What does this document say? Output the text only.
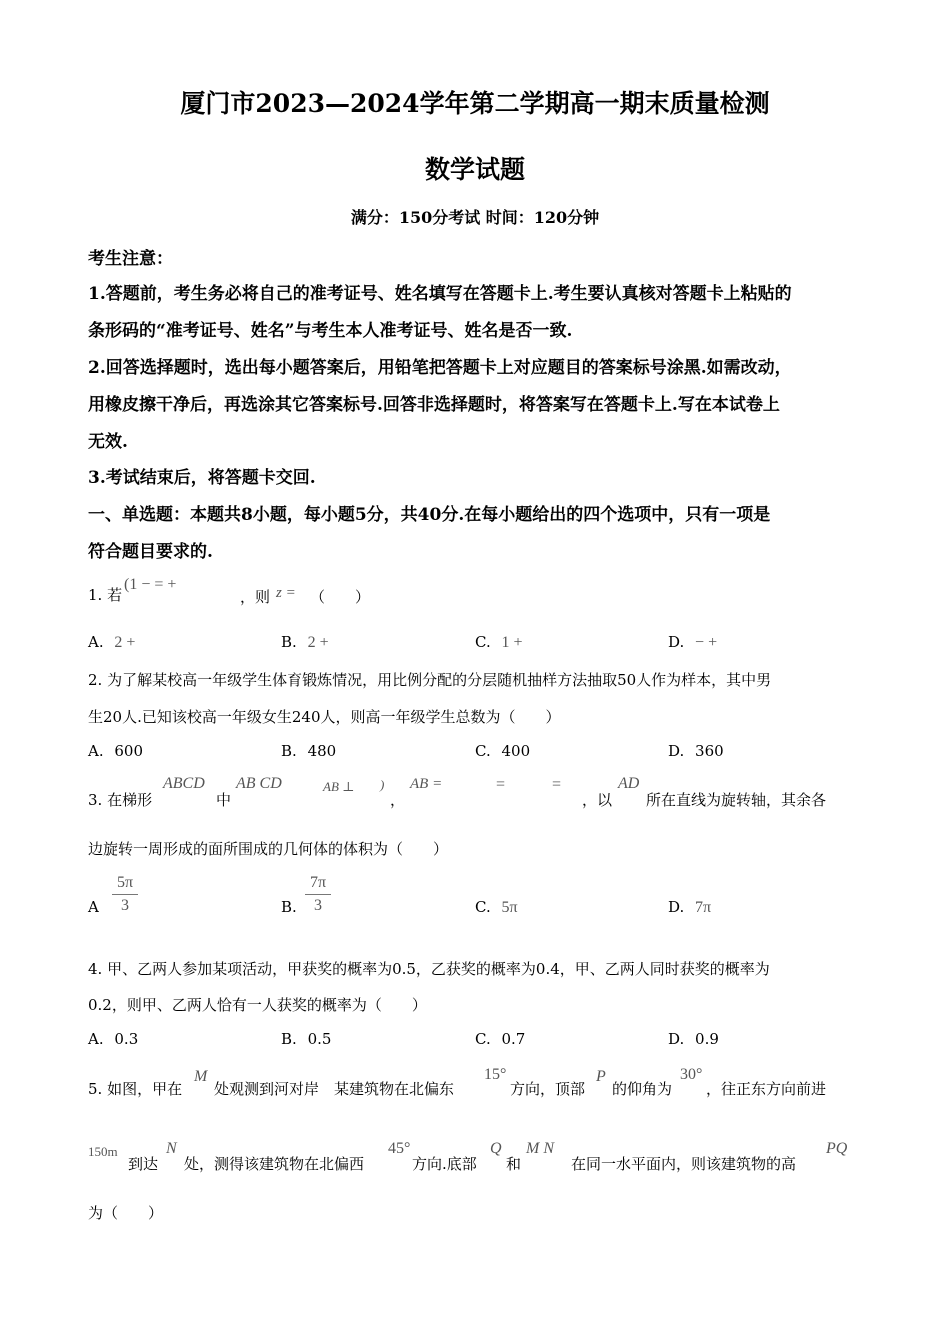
厦门市2023—2024学年第二学期高一期末质量检测
数学试题
满分：150分考试 时间：120分钟
考生注意：
1.答题前，考生务必将自己的准考证号、姓名填写在答题卡上.考生要认真核对答题卡上粘贴的
条形码的“准考证号、姓名”与考生本人准考证号、姓名是否一致.
2.回答选择题时，选出每小题答案后，用铅笔把答题卡上对应题目的答案标号涂黑.如需改动，
用橡皮擦干净后，再选涂其它答案标号.回答非选择题时，将答案写在答题卡上.写在本试卷上
无效.
3.考试结束后，将答题卡交回.
一、单选题：本题共8小题，每小题5分，共40分.在每小题给出的四个选项中，只有一项是
符合题目要求的.
1. 若
(1 − = +
，则 z = （　　）
A. 2 +	B. 2 +	C. 1 +	D. − +
2. 为了解某校高一年级学生体育锻炼情况，用比例分配的分层随机抽样方法抽取50人作为样本，其中男
生20人.已知该校高一年级女生240人，则高一年级学生总数为（　　）
A. 600	B. 480	C. 400	D. 360
3. 在梯形
ABCD
中
AB CD	AB ⊥ )
，
AB =	=	=
，以
AD
所在直线为旋转轴，其余各
边旋转一周形成的面所围成的几何体的体积为（　　）
A $\frac{5\pi}{3}$	B. $\frac{7\pi}{3}$	C. 5π	D. 7π
4. 甲、乙两人参加某项活动，甲获奖的概率为0.5，乙获奖的概率为0.4，甲、乙两人同时获奖的概率为
0.2，则甲、乙两人恰有一人获奖的概率为（　　）
A. 0.3	B. 0.5	C. 0.7	D. 0.9
5. 如图，甲在
M
处观测到河对岸　某建筑物在北偏东
15°
方向，顶部
P
的仰角为
30°
，往正东方向前进
150m
到达
N
处，测得该建筑物在北偏西
45°
方向.底部
Q
和
M N
在同一水平面内，则该建筑物的高
PQ
为（　　）
